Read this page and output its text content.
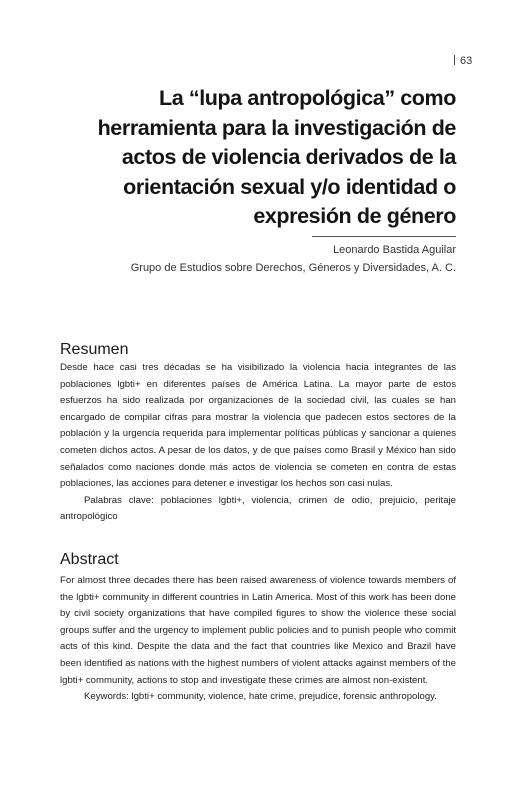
63
La “lupa antropológica” como herramienta para la investigación de actos de violencia derivados de la orientación sexual y/o identidad o expresión de género
Leonardo Bastida Aguilar
Grupo de Estudios sobre Derechos, Géneros y Diversidades, A. C.
Resumen

Desde hace casi tres décadas se ha visibilizado la violencia hacia integrantes de las poblaciones lgbti+ en diferentes países de América Latina. La mayor parte de estos esfuerzos ha sido realizada por organizaciones de la sociedad civil, las cuales se han encargado de compilar cifras para mostrar la violencia que padecen estos sectores de la población y la urgencia requerida para implementar políticas públicas y sancionar a quienes cometen dichos actos. A pesar de los datos, y de que países como Brasil y México han sido señalados como naciones donde más actos de violencia se cometen en contra de estas poblaciones, las acciones para detener e investigar los hechos son casi nulas.

Palabras clave: poblaciones lgbti+, violencia, crimen de odio, prejuicio, peritaje antropológico

Abstract

For almost three decades there has been raised awareness of violence towards members of the lgbti+ community in different countries in Latin America. Most of this work has been done by civil society organizations that have compiled figures to show the violence these social groups suffer and the urgency to implement public policies and to punish people who commit acts of this kind. Despite the data and the fact that countries like Mexico and Brazil have been identified as nations with the highest numbers of violent attacks against members of the lgbti+ community, actions to stop and investigate these crimes are almost non-existent.

Keywords: lgbti+ community, violence, hate crime, prejudice, forensic anthropology.
